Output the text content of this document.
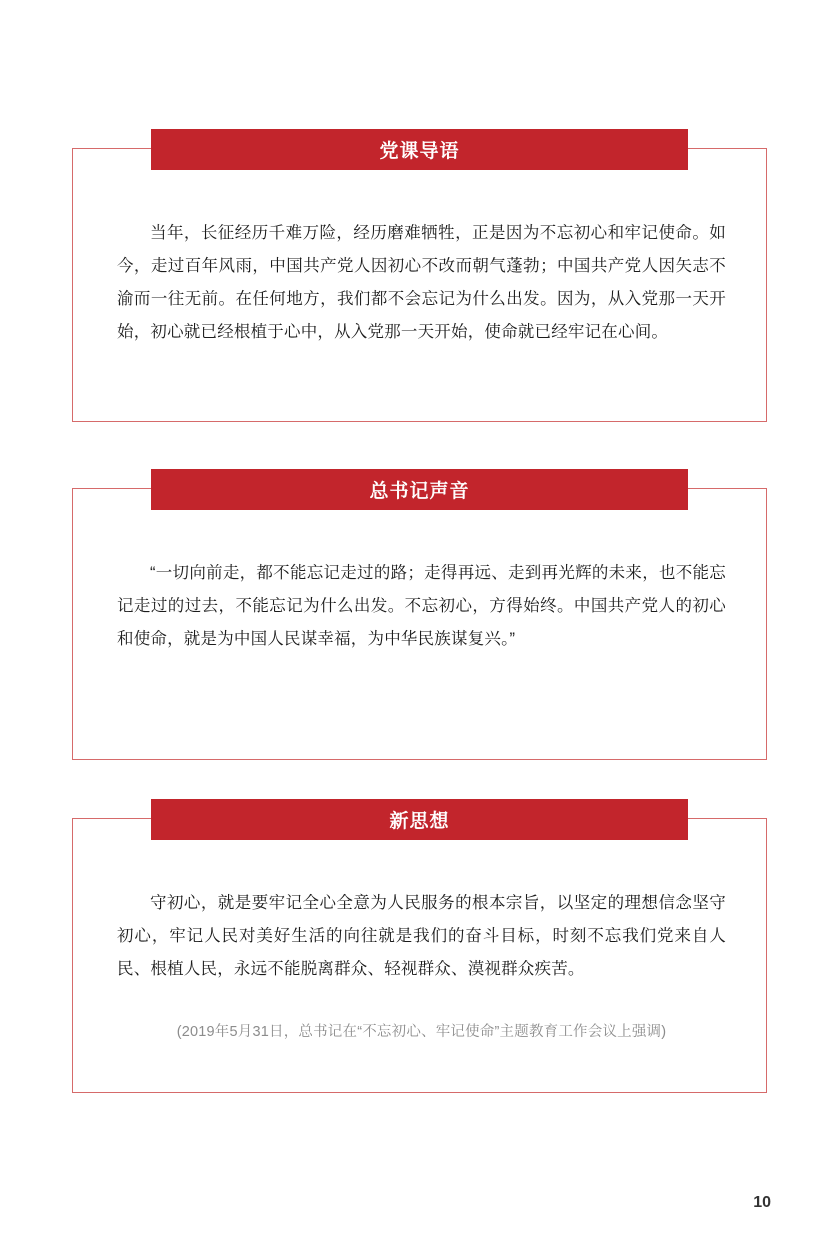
党课导语

当年，长征经历千难万险，经历磨难牺牲，正是因为不忘初心和牢记使命。如今，走过百年风雨，中国共产党人因初心不改而朝气蓬勃；中国共产党人因矢志不渝而一往无前。在任何地方，我们都不会忘记为什么出发。因为，从入党那一天开始，初心就已经根植于心中，从入党那一天开始，使命就已经牢记在心间。

总书记声音

“一切向前走，都不能忘记走过的路；走得再远、走到再光辉的未来，也不能忘记走过的过去，不能忘记为什么出发。不忘初心，方得始终。中国共产党人的初心和使命，就是为中国人民谋幸福，为中华民族谋复兴。”

新思想

守初心，就是要牢记全心全意为人民服务的根本宗旨，以坚定的理想信念坚守初心，牢记人民对美好生活的向往就是我们的奋斗目标，时刻不忘我们党来自人民、根植人民，永远不能脱离群众、轻视群众、漠视群众疾苦。

(2019年5月31日，总书记在“不忘初心、牢记使命”主题教育工作会议上强调)
10
